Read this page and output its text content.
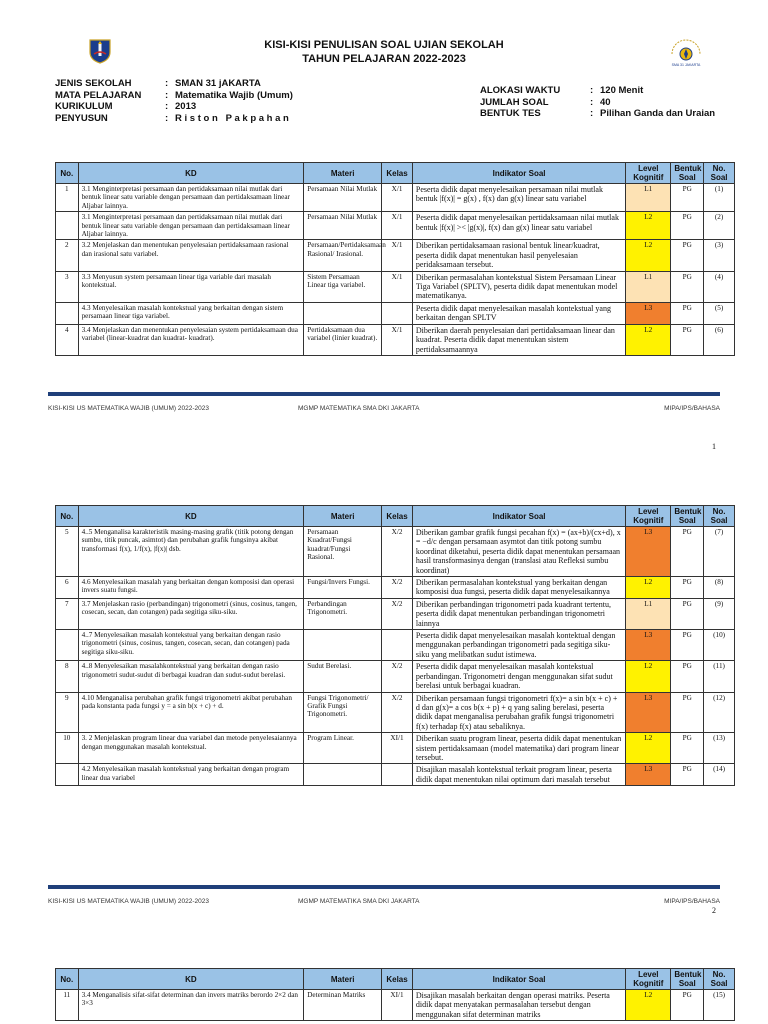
KISI-KISI PENULISAN SOAL UJIAN SEKOLAH
TAHUN PELAJARAN 2022-2023	SMA 31 JAKARTA
JENIS SEKOLAH	: SMAN 31 jAKARTA
MATA PELAJARAN : Matematika Wajib (Umum)
KURIKULUM	: 2013
PENYUSUN	: R i s t o n   P a k p a h a n
ALOKASI WAKTU	: 120 Menit
JUMLAH SOAL	: 40
BENTUK TES	: Pilihan Ganda dan Uraian
No.	KD	Materi	Kelas	Indikator Soal	Level Kognitif	Bentuk Soal	No. Soal
1	3.1 Menginterpretasi persamaan dan pertidaksamaan nilai mutlak dari bentuk linear satu variable dengan persamaan dan pertidaksamaan linear Aljabar lainnya.	Persamaan Nilai Mutlak	X/1	Peserta didik dapat menyelesaikan persamaan nilai mutlak bentuk |f(x)| = g(x) , f(x) dan g(x) linear satu variabel	L1	PG	(1)
	3.1 Menginterpretasi persamaan dan pertidaksamaan nilai mutlak dari bentuk linear satu variable dengan persamaan dan pertidaksamaan linear Aljabar lainnya.	Persamaan Nilai Mutlak	X/1	Peserta didik dapat menyelesaikan pertidaksamaan nilai mutlak bentuk |f(x)| >< |g(x)|, f(x) dan g(x) linear satu variabel	L2	PG	(2)
2	3.2 Menjelaskan dan menentukan penyelesaian pertidaksamaan rasional dan irasional satu variabel.	Persamaan/Pertidaksamaan Rasional/ Irasional.	X/1	Diberikan pertidaksamaan rasional bentuk linear/kuadrat, peserta didik dapat menentukan hasil penyelesaian peridaksamaan tersebut.	L2	PG	(3)
3	3.3 Menyusun system persamaan linear tiga variable dari masalah kontekstual.	Sistem Persamaan Linear tiga variabel.	X/1	Diberikan permasalahan kontekstual Sistem Persamaan Linear Tiga Variabel (SPLTV), peserta didik dapat menentukan model matematikanya.	L1	PG	(4)
	4.3 Menyelesaikan masalah kontekstual yang berkaitan dengan sistem persamaan linear tiga variabel.			Peserta didik dapat menyelesaikan masalah kontekstual yang berkaitan dengan SPLTV	L3	PG	(5)
4	3.4 Menjelaskan dan menentukan penyelesaian system pertidaksamaan dua variabel (linear-kuadrat dan kuadrat- kuadrat).	Pertidaksamaan dua variabel (linier kuadrat).	X/1	Diberikan daerah penyelesaian dari pertidaksamaan linear dan kuadrat. Peserta didik dapat menentukan sistem pertidaksamaannya	L2	PG	(6)
KISI-KISI US MATEMATIKA WAJIB (UMUM) 2022-2023	MGMP MATEMATIKA SMA DKI JAKARTA	MIPA/IPS/BAHASA
1
No.	KD	Materi	Kelas	Indikator Soal	Level Kognitif	Bentuk Soal	No. Soal
5	4..5 Menganalisa karakteristik masing-masing grafik (titik potong dengan sumbu, titik puncak, asimtot) dan perubahan grafik fungsinya akibat transformasi f(x), 1/f(x), |f(x)| dsb.	Persamaan Kuadrat/Fungsi kuadrat/Fungsi Rasional.	X/2	Diberikan gambar grafik fungsi pecahan f(x) = (ax+b)/(cx+d), x = −d/c dengan persamaan asymtot dan titik potong sumbu koordinat diketahui, peserta didik dapat menentukan persamaan hasil transformasinya dengan (translasi atau Refleksi sumbu koordinat)	L3	PG	(7)
6	4.6 Menyelesaikan masalah yang berkaitan dengan komposisi dan operasi invers suatu fungsi.	Fungsi/Invers Fungsi.	X/2	Diberikan permasalahan kontekstual yang berkaitan dengan komposisi dua fungsi, peserta didik dapat menyelesaikannya	L2	PG	(8)
7	3.7 Menjelaskan rasio (perbandingan) trigonometri (sinus, cosinus, tangen, cosecan, secan, dan cotangen) pada segitiga siku-siku.	Perbandingan Trigonometri.	X/2	Diberikan perbandingan trigonometri pada kuadrant tertentu, peserta didik dapat menentukan perbandingan trigonometri lainnya	L1	PG	(9)
	4..7 Menyelesaikan masalah kontekstual yang berkaitan dengan rasio trigonometri (sinus, cosinus, tangen, cosecan, secan, dan cotangen) pada segitiga siku-siku.			Peserta didik dapat menyelesaikan masalah kontektual dengan menggunakan perbandingan trigonometri pada segitiga siku-siku yang melibatkan sudut istimewa.	L3	PG	(10)
8	4..8 Menyelesaikan masalahkontekstual yang berkaitan dengan rasio trigonometri sudut-sudut di berbagai kuadran dan sudut-sudut berelasi.	Sudut Berelasi.	X/2	Peserta didik dapat menyelesaikan masalah kontekstual perbandingan. Trigonometri dengan menggunakan sifat sudut berelasi untuk berbagai kuadran.	L2	PG	(11)
9	4.10 Menganalisa perubahan grafik fungsi trigonometri akibat perubahan pada konstanta pada fungsi y = a sin b(x + c) + d.	Fungsi Trigonometri/ Grafik Fungsi Trigonometri.	X/2	Diberikan persamaan fungsi trigonometri f(x)= a sin b(x + c) + d dan g(x)= a cos b(x + p) + q yang saling berelasi, peserta didik dapat menganalisa perubahan grafik fungsi trigonometri f(x) terhadap f(x) atau sebaliknya.	L3	PG	(12)
10	3. 2 Menjelaskan program linear dua variabel dan metode penyelesaiannya dengan menggunakan masalah kontekstual.	Program Linear.	XI/1	Diberikan suatu program linear, peserta didik dapat menentukan sistem pertidaksamaan (model matematika) dari program linear tersebut.	L2	PG	(13)
	4.2 Menyelesaikan masalah kontekstual yang berkaitan dengan program linear dua variabel			Disajikan masalah kontekstual terkait program linear, peserta didik dapat menentukan nilai optimum dari masalah tersebut	L3	PG	(14)
KISI-KISI US MATEMATIKA WAJIB (UMUM) 2022-2023	MGMP MATEMATIKA SMA DKI JAKARTA	MIPA/IPS/BAHASA
2
No.	KD	Materi	Kelas	Indikator Soal	Level Kognitif	Bentuk Soal	No. Soal
11	3.4 Menganalisis sifat-sifat determinan dan invers matriks berordo 2×2 dan 3×3	Determinan Matriks	XI/1	Disajikan masalah berkaitan dengan operasi matriks. Peserta didik dapat menyatakan permasalahan tersebut dengan menggunakan sifat determinan matriks	L2	PG	(15)
